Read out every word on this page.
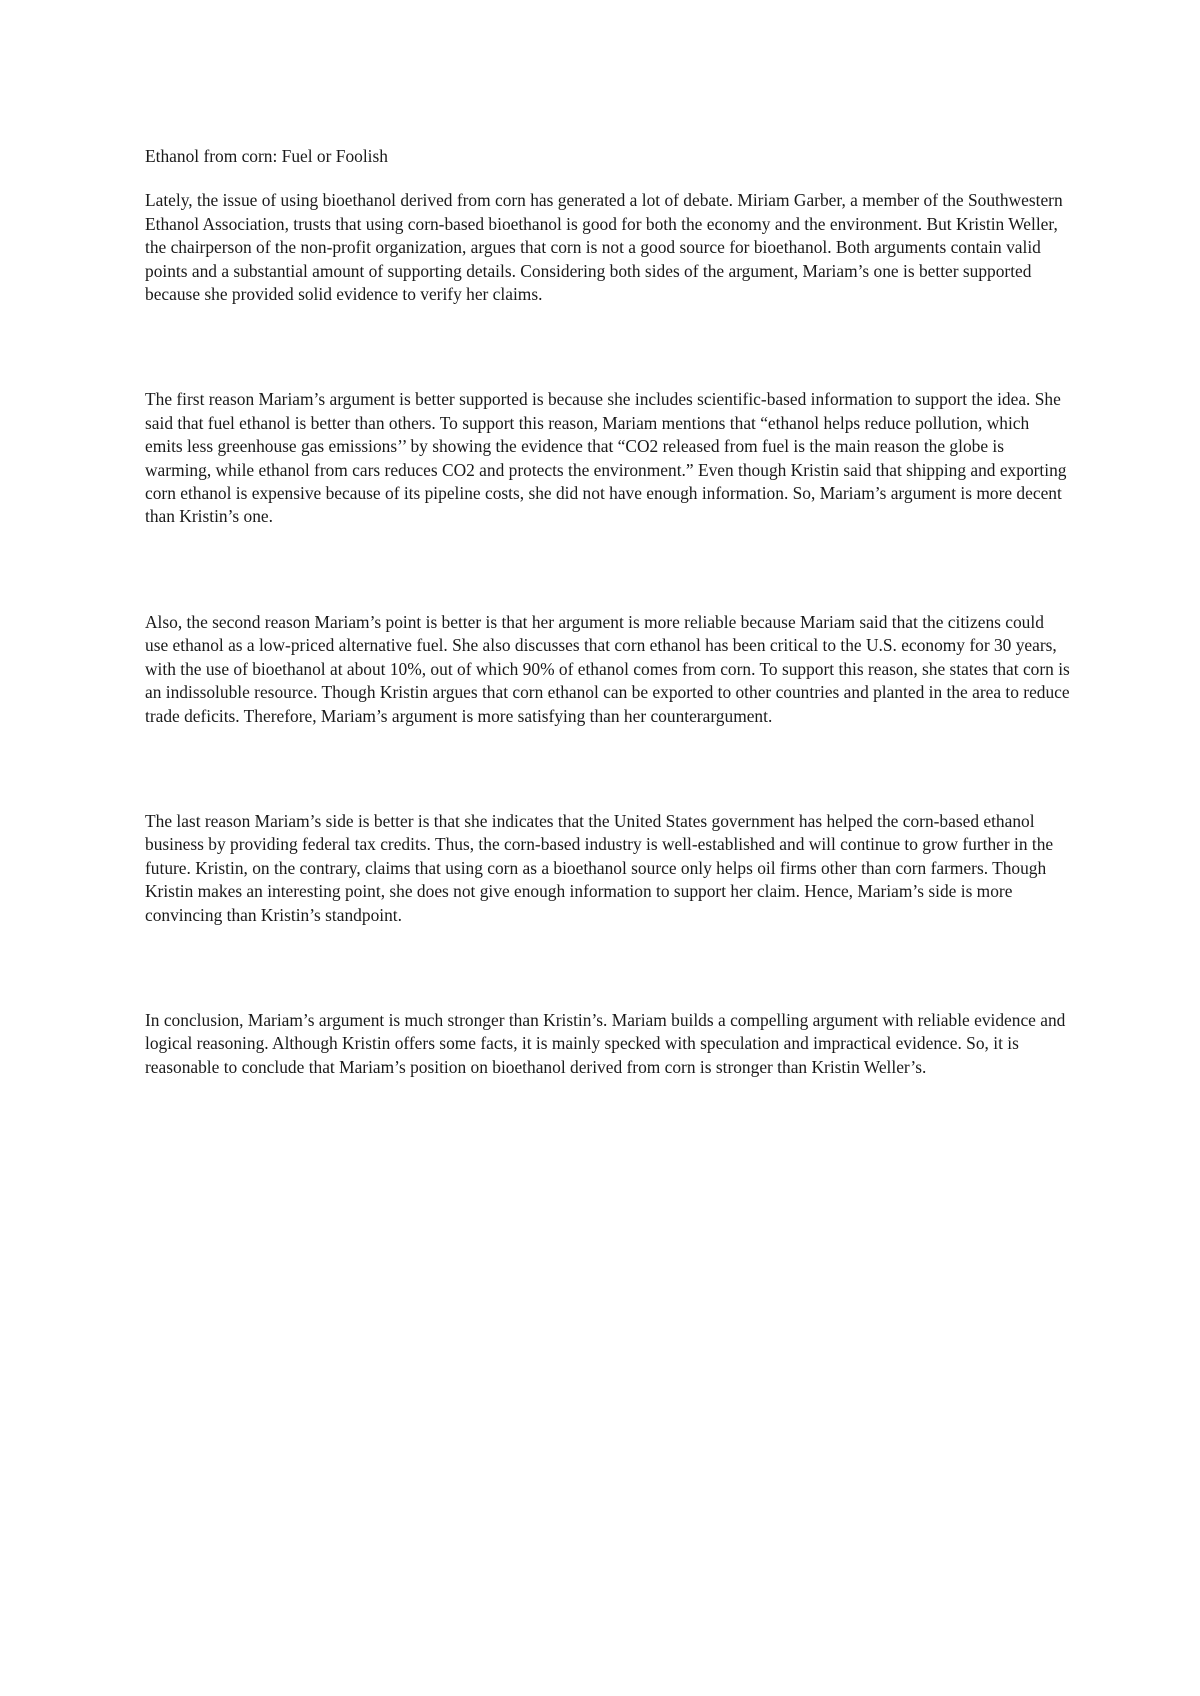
Ethanol from corn: Fuel or Foolish

Lately, the issue of using bioethanol derived from corn has generated a lot of debate. Miriam Garber, a member of the Southwestern Ethanol Association, trusts that using corn-based bioethanol is good for both the economy and the environment. But Kristin Weller, the chairperson of the non-profit organization, argues that corn is not a good source for bioethanol. Both arguments contain valid points and a substantial amount of supporting details. Considering both sides of the argument, Mariam’s one is better supported because she provided solid evidence to verify her claims.

The first reason Mariam’s argument is better supported is because she includes scientific-based information to support the idea. She said that fuel ethanol is better than others. To support this reason, Mariam mentions that “ethanol helps reduce pollution, which emits less greenhouse gas emissions’’ by showing the evidence that “CO2 released from fuel is the main reason the globe is warming, while ethanol from cars reduces CO2 and protects the environment.” Even though Kristin said that shipping and exporting corn ethanol is expensive because of its pipeline costs, she did not have enough information. So, Mariam’s argument is more decent than Kristin’s one.

Also, the second reason Mariam’s point is better is that her argument is more reliable because Mariam said that the citizens could use ethanol as a low-priced alternative fuel. She also discusses that corn ethanol has been critical to the U.S. economy for 30 years, with the use of bioethanol at about 10%, out of which 90% of ethanol comes from corn. To support this reason, she states that corn is an indissoluble resource. Though Kristin argues that corn ethanol can be exported to other countries and planted in the area to reduce trade deficits. Therefore, Mariam’s argument is more satisfying than her counterargument.

The last reason Mariam’s side is better is that she indicates that the United States government has helped the corn-based ethanol business by providing federal tax credits. Thus, the corn-based industry is well-established and will continue to grow further in the future. Kristin, on the contrary, claims that using corn as a bioethanol source only helps oil firms other than corn farmers. Though Kristin makes an interesting point, she does not give enough information to support her claim. Hence, Mariam’s side is more convincing than Kristin’s standpoint.

In conclusion, Mariam’s argument is much stronger than Kristin’s. Mariam builds a compelling argument with reliable evidence and logical reasoning. Although Kristin offers some facts, it is mainly specked with speculation and impractical evidence. So, it is reasonable to conclude that Mariam’s position on bioethanol derived from corn is stronger than Kristin Weller’s.
